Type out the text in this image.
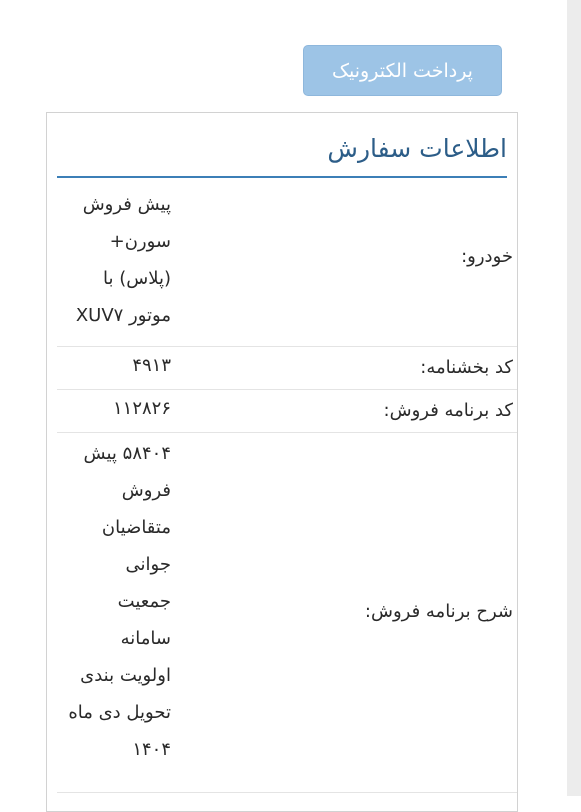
پرداخت الکترونیک
اطلاعات سفارش
خودرو:
پیش فروش سورن+ (پلاس) با موتور XUV۷
کد بخشنامه:
۴۹۱۳
کد برنامه فروش:
۱۱۲۸۲۶
شرح برنامه فروش:
۵۸۴۰۴ پیش فروش متقاضیان جوانی جمعیت سامانه اولویت بندی تحویل دی ماه ۱۴۰۴
